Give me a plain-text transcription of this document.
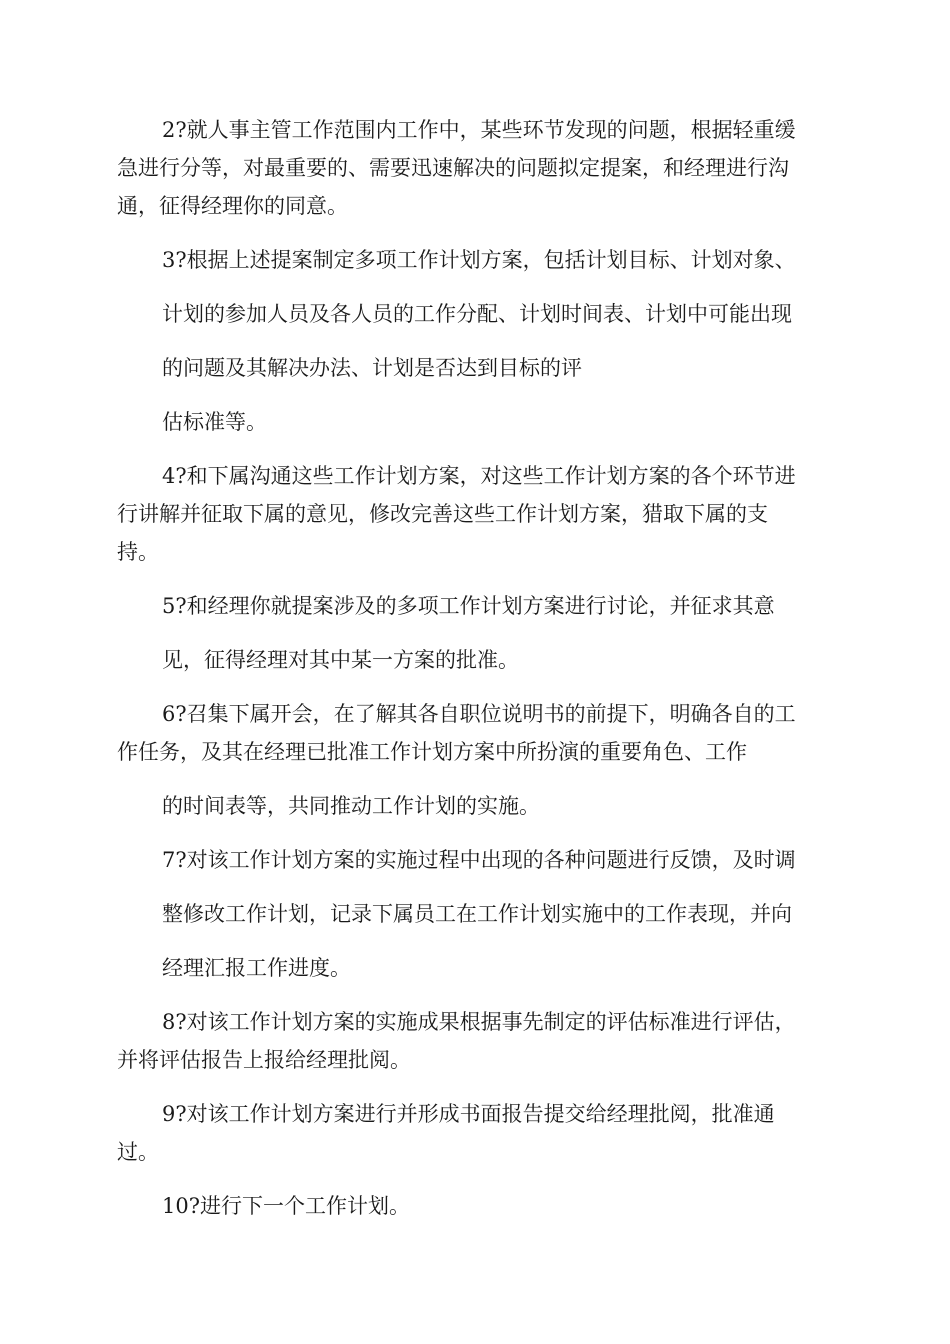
2?就人事主管工作范围内工作中，某些环节发现的问题，根据轻重缓
急进行分等，对最重要的、需要迅速解决的问题拟定提案，和经理进行沟
通，征得经理你的同意。
3?根据上述提案制定多项工作计划方案，包括计划目标、计划对象、
计划的参加人员及各人员的工作分配、计划时间表、计划中可能出现
的问题及其解决办法、计划是否达到目标的评
估标准等。
4?和下属沟通这些工作计划方案，对这些工作计划方案的各个环节进
行讲解并征取下属的意见，修改完善这些工作计划方案，猎取下属的支
持。
5?和经理你就提案涉及的多项工作计划方案进行讨论，并征求其意
见，征得经理对其中某一方案的批准。
6?召集下属开会，在了解其各自职位说明书的前提下，明确各自的工
作任务，及其在经理已批准工作计划方案中所扮演的重要角色、工作
的时间表等，共同推动工作计划的实施。
7?对该工作计划方案的实施过程中出现的各种问题进行反馈，及时调
整修改工作计划，记录下属员工在工作计划实施中的工作表现，并向
经理汇报工作进度。
8?对该工作计划方案的实施成果根据事先制定的评估标准进行评估，
并将评估报告上报给经理批阅。
9?对该工作计划方案进行并形成书面报告提交给经理批阅，批准通
过。
10?进行下一个工作计划。
